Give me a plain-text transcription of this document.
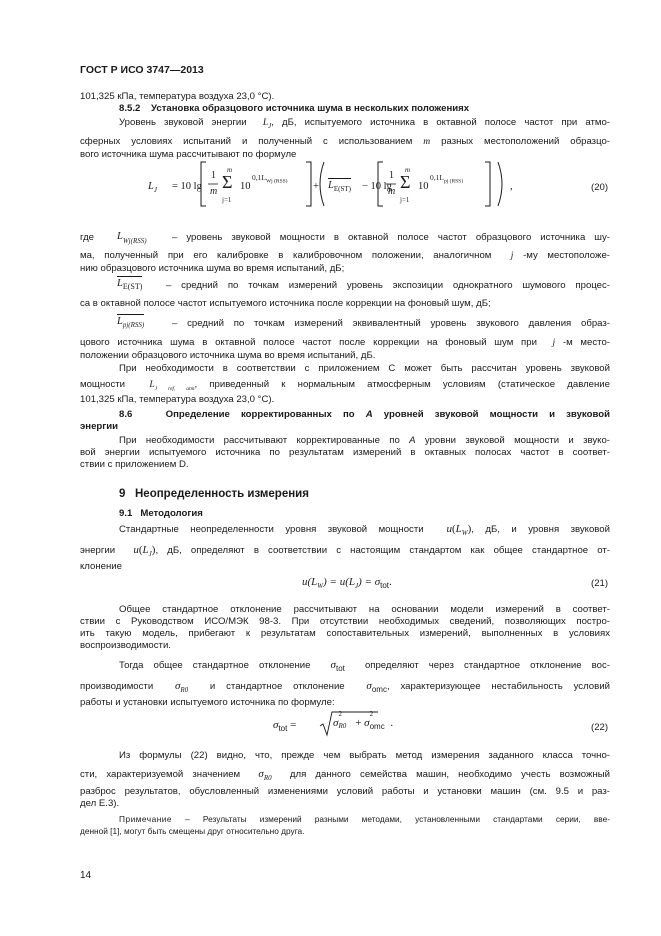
ГОСТ Р ИСО 3747—2013
101,325 кПа, температура воздуха 23,0 °С).
8.5.2 Установка образцового источника шума в нескольких положениях
Уровень звуковой энергии $L_J$, дБ, испытуемого источника в октавной полосе частот при атмо-
сферных условиях испытаний и полученный с использованием m разных местоположений образцо-
вого источника шума рассчитывают по формуле
$L_J = 10$ lg
1
m
m
Σ
j=1
10
$0,1L_{Wj (RSS)} + L_{E(ST)} - 10$ lg
1
m
m
Σ
j=1
10
$0,1L_{pj (RSS)}$	,	(20)
где $L_{Wj(RSS)}$	– уровень звуковой мощности в октавной полосе частот образцового источника шу-
ма, полученный при его калибровке в калибровочном положении, аналогичном j -му местоположе-
нию образцового источника шума во время испытаний, дБ;
$L_{E(ST)}$ – средний по точкам измерений уровень экспозиции однократного шумового процес-
са в октавной полосе частот испытуемого источника после коррекции на фоновый шум, дБ;
$L_{pj(RSS)}$	– средний по точкам измерений эквивалентный уровень звукового давления образ-
цового источника шума в октавной полосе частот после коррекции на фоновый шум при j -м место-
положении образцового источника шума во время испытаний, дБ.
При необходимости в соответствии с приложением С может быть рассчитан уровень звуковой
мощности	$L_{J ref, atm}$, приведенный к нормальным атмосферным условиям (статическое давление
101,325 кПа, температура воздуха 23,0 °С).
8.6	Определение корректированных по А уровней звуковой мощности и звуковой
энергии
При необходимости рассчитывают корректированные по А уровни звуковой мощности и звуко-
вой энергии испытуемого источника по результатам измерений в октавных полосах частот в соответ-
ствии с приложением D.
9 Неопределенность измерения
9.1 Методология
Стандартные неопределенности уровня звуковой мощности $u(L_W)$, дБ, и уровня звуковой
энергии $u(L_J)$, дБ, определяют в соответствии с настоящим стандартом как общее стандартное от-
клонение
$u(L_W) = u(L_J) = \sigma_{tot}$.	(21)
Общее стандартное отклонение рассчитывают на основании модели измерений в соответ-
ствии с Руководством ИСО/МЭК 98-3. При отсутствии необходимых сведений, позволяющих постро-
ить такую модель, прибегают к результатам сопоставительных измерений, выполненных в условиях
воспроизводимости.
Тогда общее стандартное отклонение $\sigma_{tot}$ определяют через стандартное отклонение вос-
производимости $\sigma_{R0}$ и стандартное отклонение $\sigma_{omc}$, характеризующее нестабильность условий
работы и установки испытуемого источника по формуле:
$\sigma_{tot}$ =	σ
2
R0 + σ
2
omc .	(22)
Из формулы (22) видно, что, прежде чем выбрать метод измерения заданного класса точно-
сти, характеризуемой значением $\sigma_{R0}$ для данного семейства машин, необходимо учесть возможный
разброс результатов, обусловленный изменениями условий работы и установки машин (см. 9.5 и раз-
дел Е.3).
Примечание – Результаты измерений разными методами, установленными стандартами серии, вве-
денной [1], могут быть смещены друг относительно друга.
14
